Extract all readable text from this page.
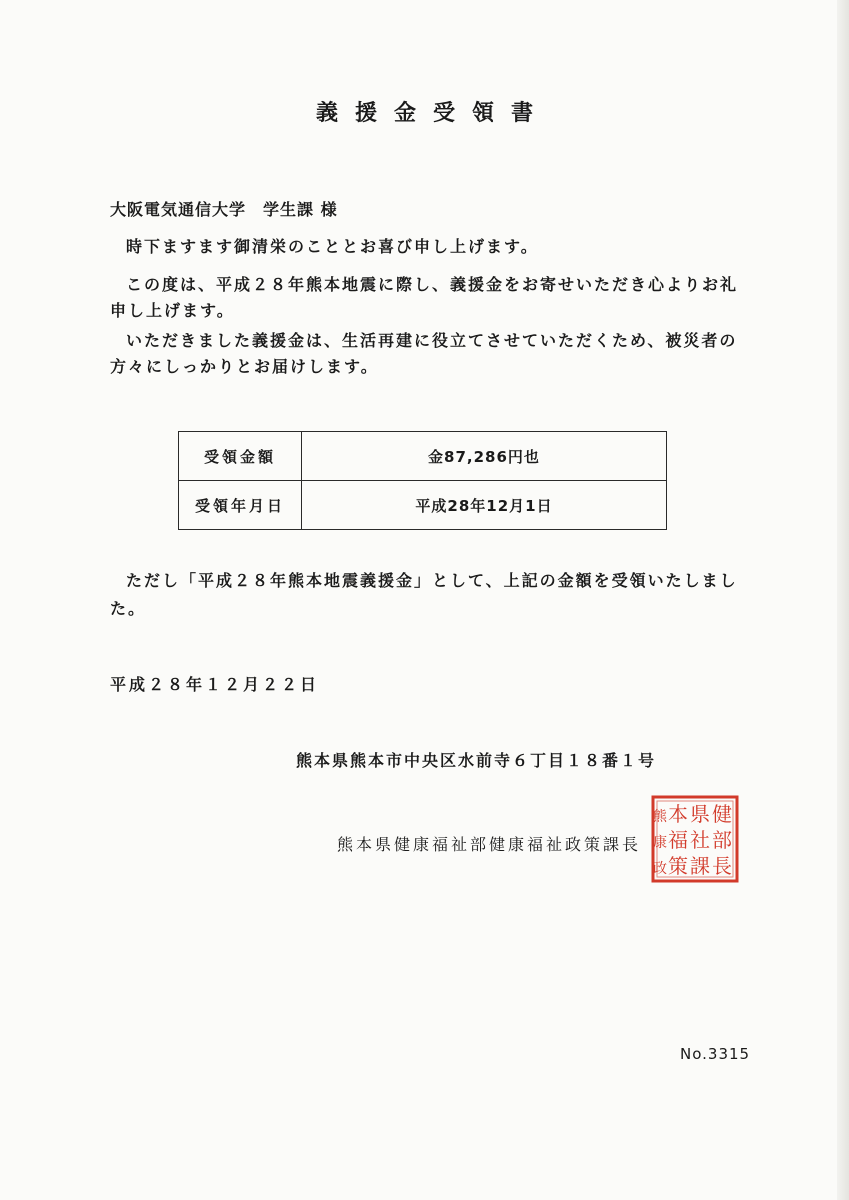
義援金受領書
大阪電気通信大学　学生課 様
時下ますます御清栄のこととお喜び申し上げます。
この度は、平成２８年熊本地震に際し、義援金をお寄せいただき心よりお礼申し上げます。
いただきました義援金は、生活再建に役立てさせていただくため、被災者の方々にしっかりとお届けします。
受領金額	金87,286円也
受領年月日	平成28年12月1日
ただし「平成２８年熊本地震義援金」として、上記の金額を受領いたしました。
平成２８年１２月２２日
熊本県熊本市中央区水前寺６丁目１８番１号
熊本県健康福祉部健康福祉政策課長
健
部
長
県
社
課
本
福
策
熊
康
政
No.3315
